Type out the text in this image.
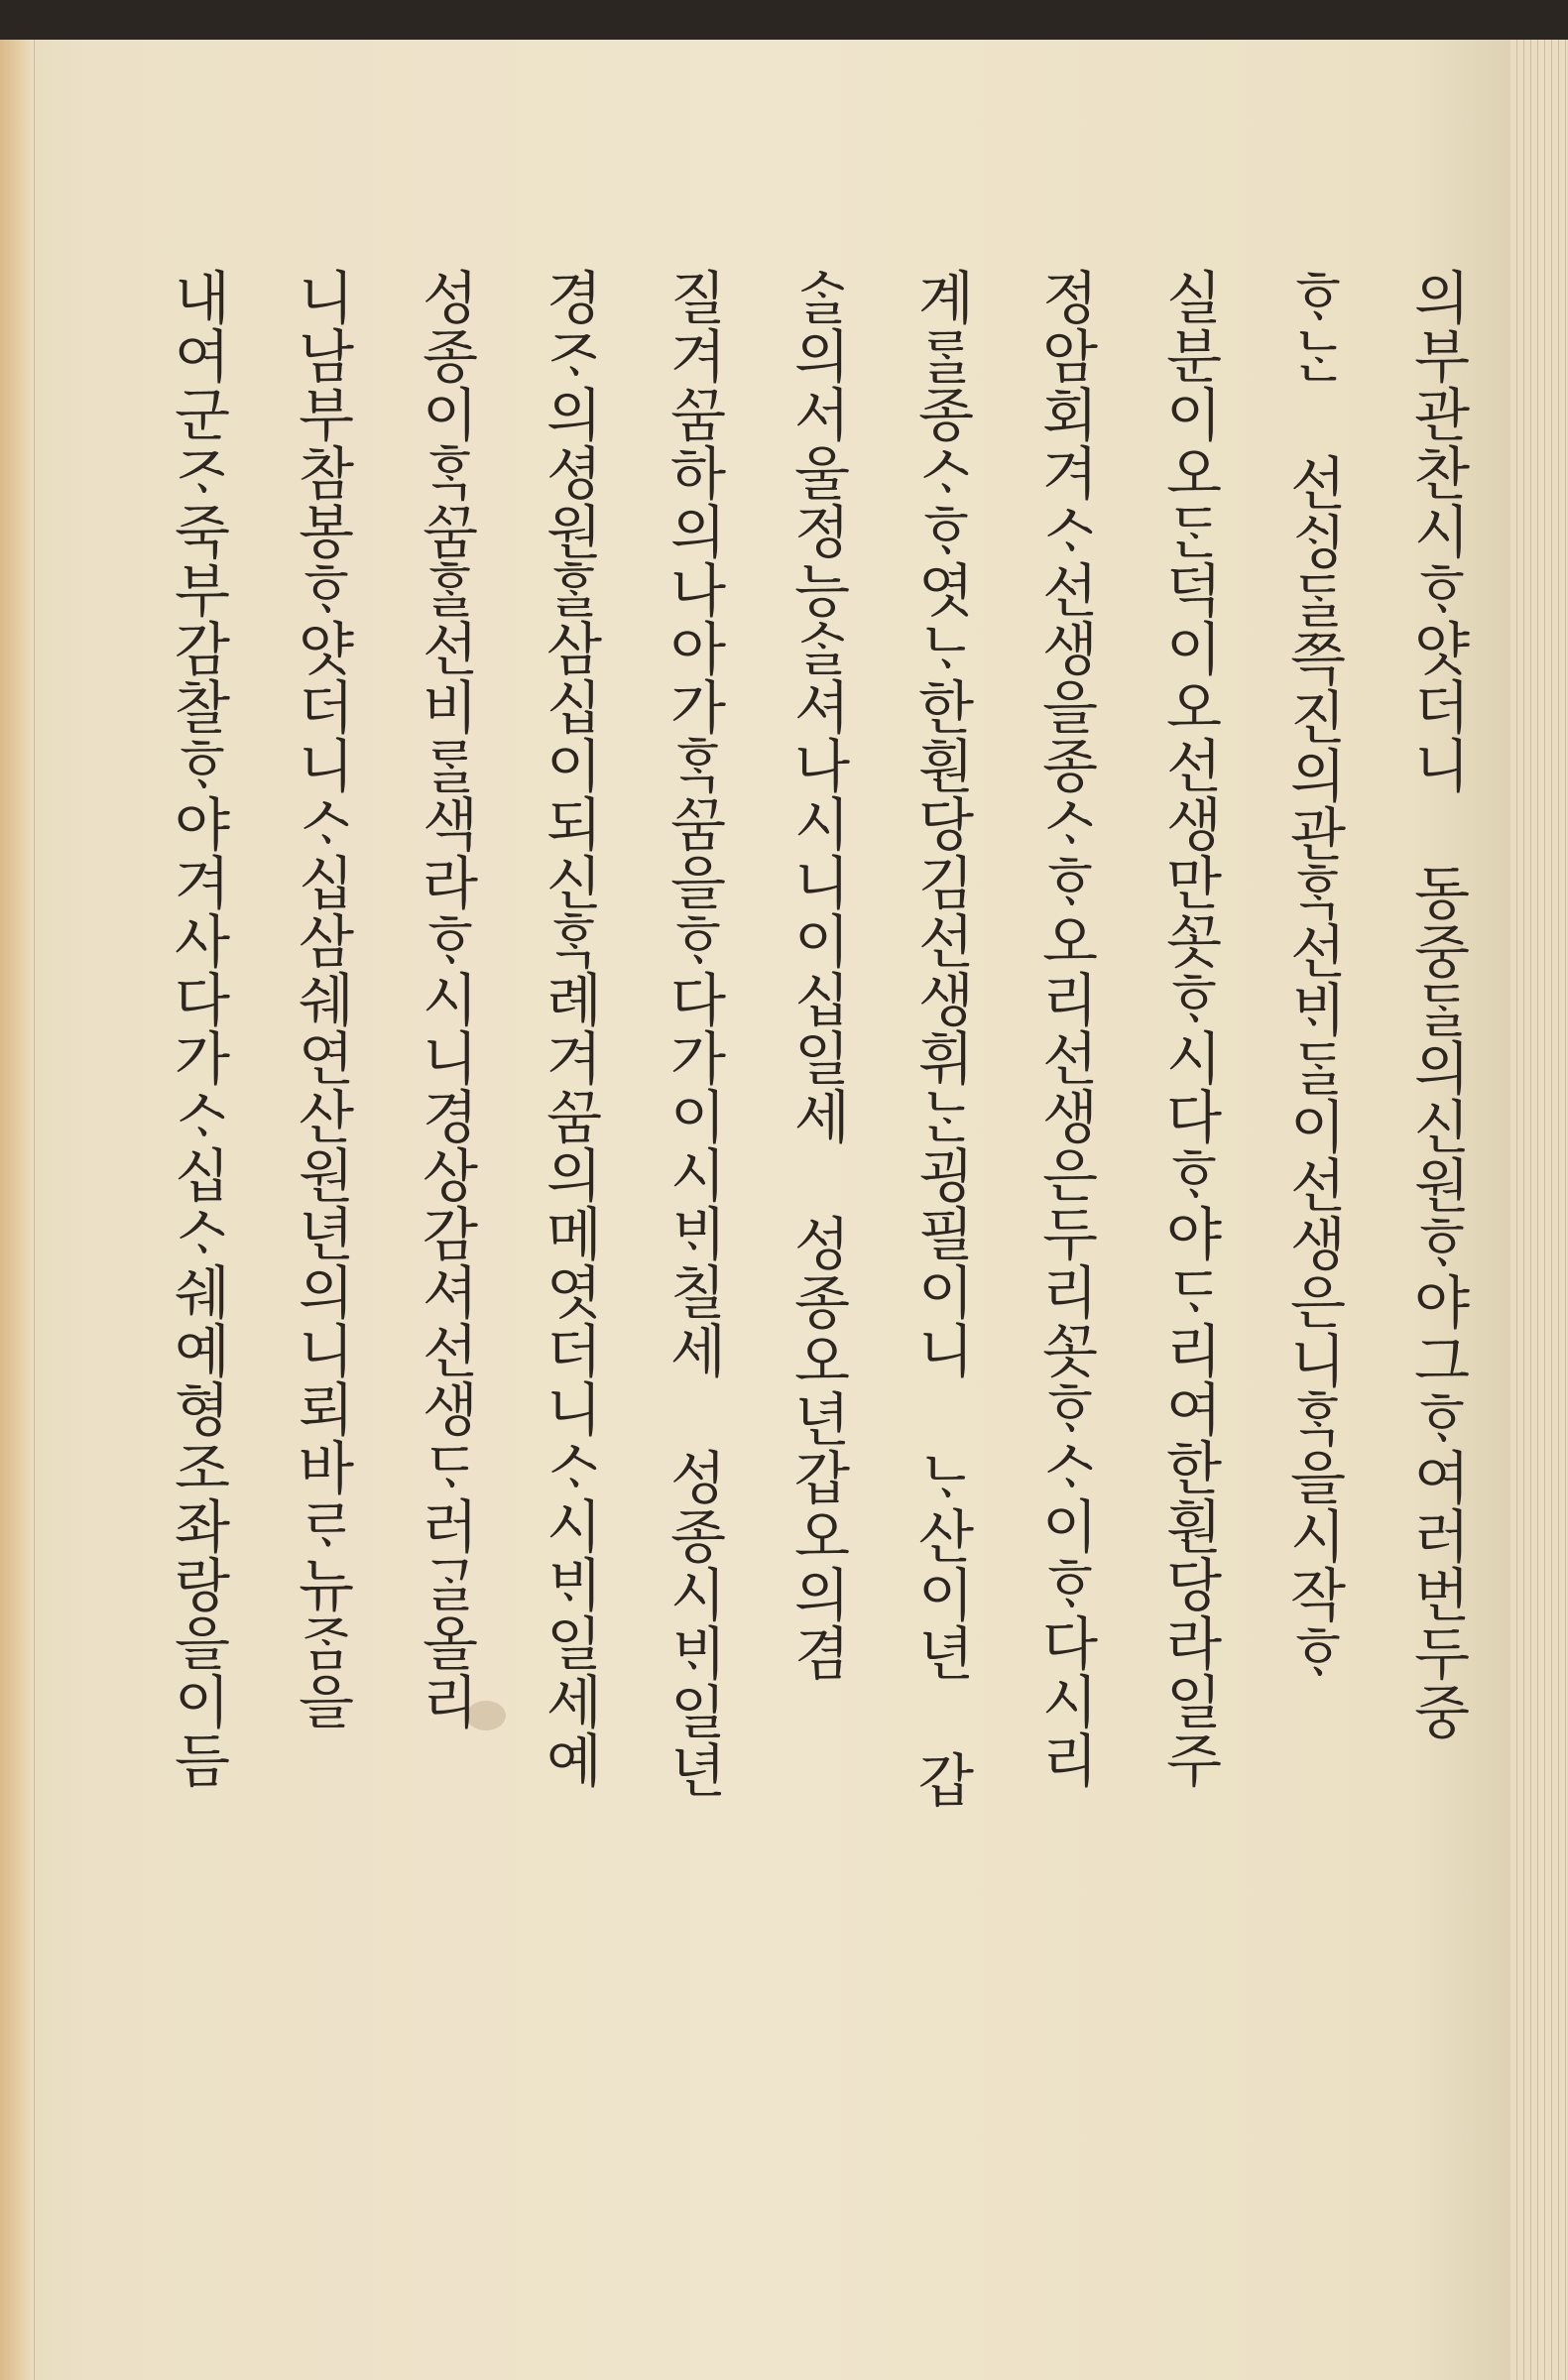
의부관찬시ᄒᆞ얏더니 동중ᄃᆞᆯ의신원ᄒᆞ야그ᄒᆞ여러번두중
ᄒᆞᄂᆞᆫ 선ᄉᆡᆼᄃᆞᆯ쯕진의관ᄒᆞᆨ선ᄇᆡᄃᆞᆯ이선생은니ᄒᆞᆨ을시작ᄒᆞ
실분이오ᄃᆞᆫ덕이오선생만ᄭᅩᆺᄒᆞ시다ᄒᆞ야ᄃᆞ리여한훤당라일주
정암회겨ᄉᆞ선생을종ᄉᆞᄒᆞ오리선생은두리ᄭᅩᆺᄒᆞᄉᆞ이ᄒᆞ다시리
계ᄅᆞᆯ종ᄉᆞᄒᆞ엿ᄂᆞ한훤당김선생휘ᄂᆞᆫ굉필이니 ᄂᆞ산이년 갑
ᄉᆞᆯ의서울정능ᄉᆞᆯ셔나시니이십일세 성종오년갑오의겸
질겨ᄭᅮᆷ하의나아가ᄒᆞᆨᄭᅮᆷ을ᄒᆞ다가이시ᄇᆡ칠세 성종시ᄇᆡ일년
경ᄌᆞ의셩원ᄒᆞᆯ삼십이되신ᄒᆞᆨ례겨ᄭᅮᆷ의메엿더니ᄉᆞ시ᄇᆡ일세예
성종이ᄒᆞᆨᄭᅮᆷᄒᆞᆯ선비ᄅᆞᆯ색라ᄒᆞ시니경상감셔선생ᄃᆞ러ᄀᆞᆯ올리
니남부참봉ᄒᆞ얏더니ᄉᆞ십삼쉐연산원년의니뢰바ᄅᆞ뉴ᄌᆞᆷ을
내여군ᄌᆞ죽부감찰ᄒᆞ야겨사다가ᄉᆞ십ᄉᆞ쉐예형조좌랑을이듬
